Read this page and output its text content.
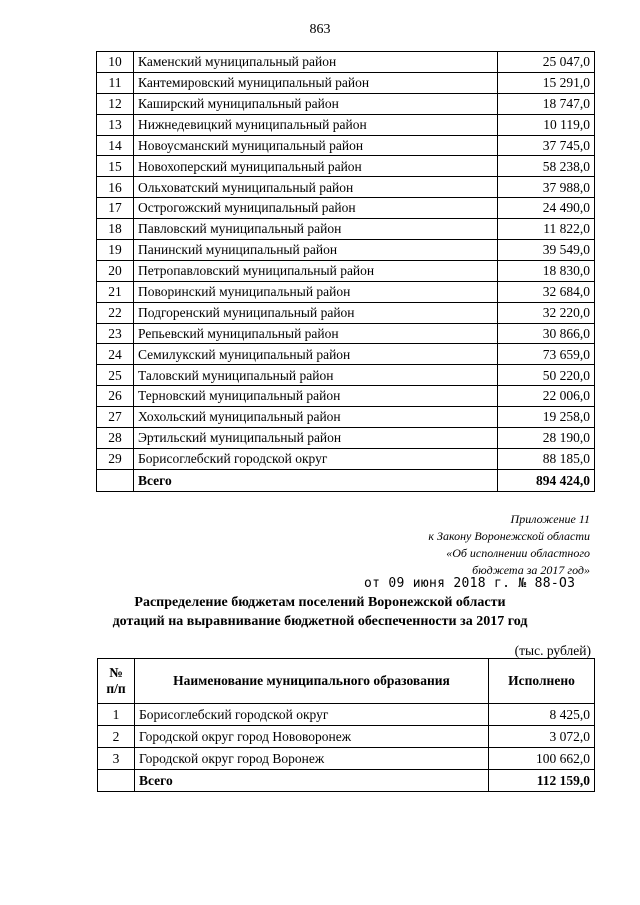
863
10	Каменский муниципальный район	25 047,0
11	Кантемировский муниципальный район	15 291,0
12	Каширский муниципальный район	18 747,0
13	Нижнедевицкий муниципальный район	10 119,0
14	Новоусманский муниципальный район	37 745,0
15	Новохоперский муниципальный район	58 238,0
16	Ольховатский муниципальный район	37 988,0
17	Острогожский муниципальный район	24 490,0
18	Павловский муниципальный район	11 822,0
19	Панинский муниципальный район	39 549,0
20	Петропавловский муниципальный район	18 830,0
21	Поворинский муниципальный район	32 684,0
22	Подгоренский муниципальный район	32 220,0
23	Репьевский муниципальный район	30 866,0
24	Семилукский муниципальный район	73 659,0
25	Таловский муниципальный район	50 220,0
26	Терновский муниципальный район	22 006,0
27	Хохольский муниципальный район	19 258,0
28	Эртильский муниципальный район	28 190,0
29	Борисоглебский городской округ	88 185,0
	Всего	894 424,0
Приложение 11
к Закону Воронежской области
«Об исполнении областного
бюджета за 2017 год»
от 09 июня 2018 г. № 88-ОЗ
Распределение бюджетам поселений Воронежской области
дотаций на выравнивание бюджетной обеспеченности за 2017 год
(тыс. рублей)
№
п/п	Наименование муниципального образования	Исполнено
1	Борисоглебский городской округ	8 425,0
2	Городской округ город Нововоронеж	3 072,0
3	Городской округ город Воронеж	100 662,0
	Всего	112 159,0
